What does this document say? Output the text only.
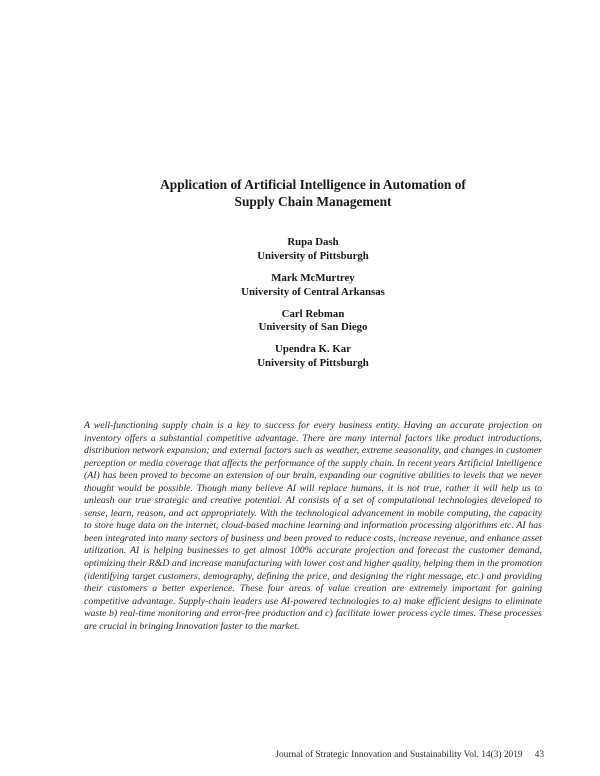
Application of Artificial Intelligence in Automation of
Supply Chain Management
Rupa Dash
University of Pittsburgh
Mark McMurtrey
University of Central Arkansas
Carl Rebman
University of San Diego
Upendra K. Kar
University of Pittsburgh

A well-functioning supply chain is a key to success for every business entity. Having an accurate projection on inventory offers a substantial competitive advantage. There are many internal factors like product introductions, distribution network expansion; and external factors such as weather, extreme seasonality, and changes in customer perception or media coverage that affects the performance of the supply chain. In recent years Artificial Intelligence (AI) has been proved to become an extension of our brain, expanding our cognitive abilities to levels that we never thought would be possible. Though many believe AI will replace humans, it is not true, rather it will help us to unleash our true strategic and creative potential. AI consists of a set of computational technologies developed to sense, learn, reason, and act appropriately. With the technological advancement in mobile computing, the capacity to store huge data on the internet, cloud-based machine learning and information processing algorithms etc. AI has been integrated into many sectors of business and been proved to reduce costs, increase revenue, and enhance asset utilization. AI is helping businesses to get almost 100% accurate projection and forecast the customer demand, optimizing their R&D and increase manufacturing with lower cost and higher quality, helping them in the promotion (identifying target customers, demography, defining the price, and designing the right message, etc.) and providing their customers a better experience. These four areas of value creation are extremely important for gaining competitive advantage. Supply-chain leaders use AI-powered technologies to a) make efficient designs to eliminate waste b) real-time monitoring and error-free production and c) facilitate lower process cycle times. These processes are crucial in bringing Innovation faster to the market.

Journal of Strategic Innovation and Sustainability Vol. 14(3) 2019 43
